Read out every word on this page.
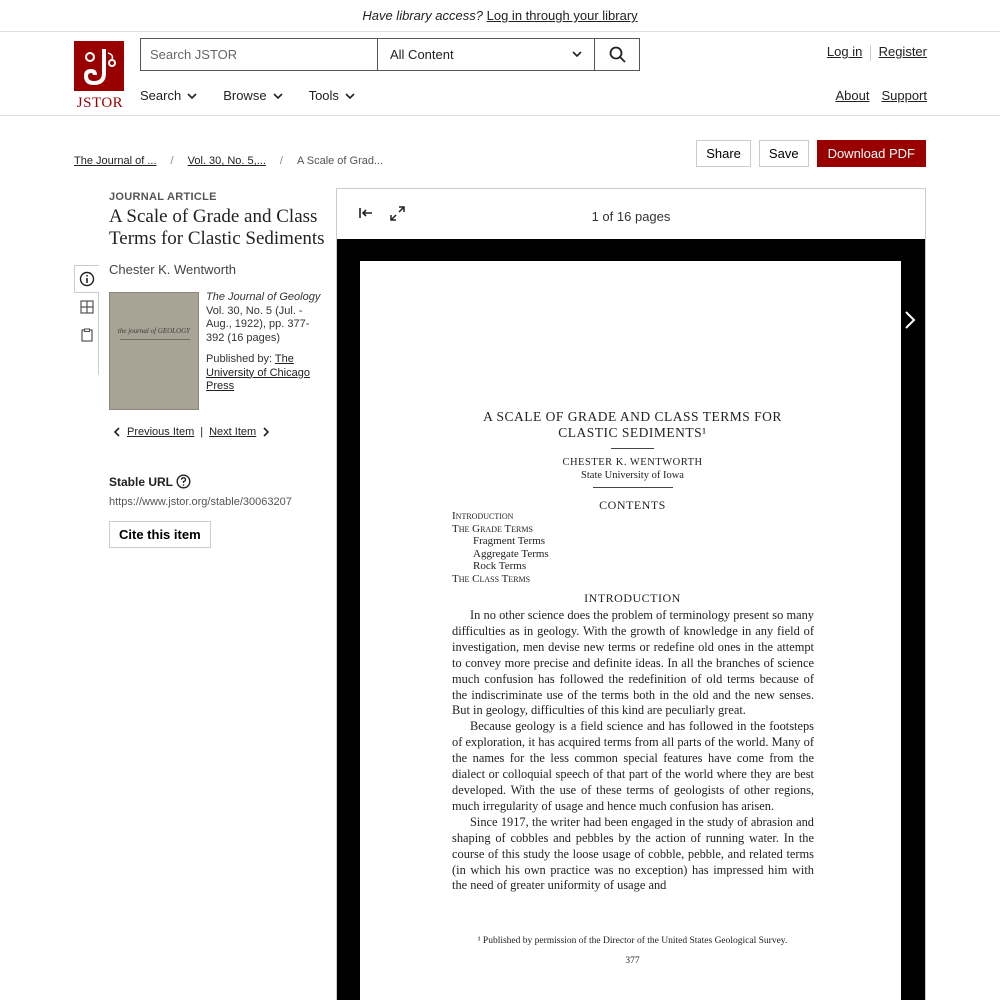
Have library access? Log in through your library
JSTOR
Search JSTOR
All Content	Log in Register
Search	Browse	Tools	About Support
The Journal of ... / Vol. 30, No. 5,... / A Scale of Grad...	Share	Save	Download PDF
JOURNAL ARTICLE
A Scale of Grade and Class Terms for Clastic Sediments
Chester K. Wentworth
the journal of GEOLOGY
The Journal of Geology
Vol. 30, No. 5 (Jul. - Aug., 1922), pp. 377-392 (16 pages)
Published by: The University of Chicago Press
Previous Item | Next Item
Stable URL
https://www.jstor.org/stable/30063207
Cite this item
1 of 16 pages
A SCALE OF GRADE AND CLASS TERMS FOR
CLASTIC SEDIMENTS¹
CHESTER K. WENTWORTH
State University of Iowa
CONTENTS
Introduction
The Grade Terms
Fragment Terms
Aggregate Terms
Rock Terms
The Class Terms
INTRODUCTION

In no other science does the problem of terminology present so many difficulties as in geology. With the growth of knowledge in any field of investigation, men devise new terms or redefine old ones in the attempt to convey more precise and definite ideas. In all the branches of science much confusion has followed the redefinition of old terms because of the indiscriminate use of the terms both in the old and the new senses. But in geology, difficulties of this kind are peculiarly great.

Because geology is a field science and has followed in the footsteps of exploration, it has acquired terms from all parts of the world. Many of the names for the less common special features have come from the dialect or colloquial speech of that part of the world where they are best developed. With the use of these terms of geologists of other regions, much irregularity of usage and hence much confusion has arisen.

Since 1917, the writer had been engaged in the study of abrasion and shaping of cobbles and pebbles by the action of running water. In the course of this study the loose usage of cobble, pebble, and related terms (in which his own practice was no exception) has impressed him with the need of greater uniformity of usage and

¹ Published by permission of the Director of the United States Geological Survey.
377
